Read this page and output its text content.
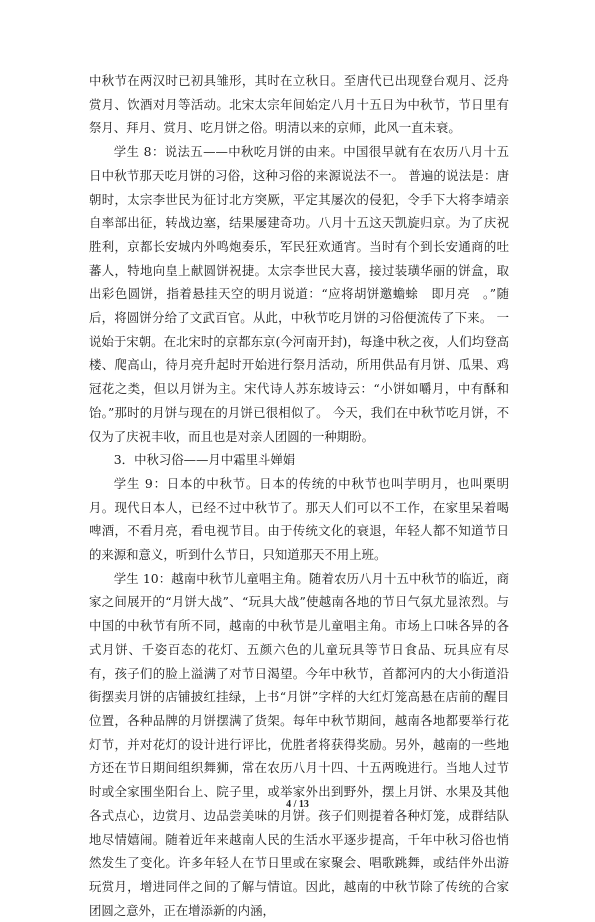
中秋节在两汉时已初具雏形，其时在立秋日。至唐代已出现登台观月、泛舟赏月、饮酒对月等活动。北宋太宗年间始定八月十五日为中秋节，节日里有祭月、拜月、赏月、吃月饼之俗。明清以来的京师，此风一直未衰。

学生 8：说法五——中秋吃月饼的由来。中国很早就有在农历八月十五日中秋节那天吃月饼的习俗，这种习俗的来源说法不一。 普遍的说法是：唐朝时，太宗李世民为征讨北方突厥，平定其屡次的侵犯，令手下大将李靖亲自率部出征，转战边塞，结果屡建奇功。八月十五这天凯旋归京。为了庆祝胜利，京都长安城内外鸣炮奏乐，军民狂欢通宵。当时有个到长安通商的吐蕃人，特地向皇上献圆饼祝捷。太宗李世民大喜，接过装璜华丽的饼盒，取出彩色圆饼，指着悬挂天空的明月说道：“应将胡饼邀蟾蜍　即月亮　。”随后，将圆饼分给了文武百官。从此，中秋节吃月饼的习俗便流传了下来。 一说始于宋朝。在北宋时的京都东京(今河南开封)，每逢中秋之夜，人们均登高楼、爬高山，待月亮升起时开始进行祭月活动，所用供品有月饼、瓜果、鸡冠花之类，但以月饼为主。宋代诗人苏东坡诗云：“小饼如嚼月，中有酥和饴。”那时的月饼与现在的月饼已很相似了。 今天，我们在中秋节吃月饼，不仅为了庆祝丰收，而且也是对亲人团圆的一种期盼。

3．中秋习俗——月中霜里斗婵娟

学生 9：日本的中秋节。日本的传统的中秋节也叫芋明月，也叫栗明月。现代日本人，已经不过中秋节了。那天人们可以不工作，在家里呆着喝啤酒，不看月亮，看电视节目。由于传统文化的衰退，年轻人都不知道节日的来源和意义，听到什么节日，只知道那天不用上班。

学生 10：越南中秋节儿童唱主角。随着农历八月十五中秋节的临近，商家之间展开的“月饼大战”、“玩具大战”使越南各地的节日气氛尤显浓烈。与中国的中秋节有所不同，越南的中秋节是儿童唱主角。市场上口味各异的各式月饼、千姿百态的花灯、五颜六色的儿童玩具等节日食品、玩具应有尽有，孩子们的脸上溢满了对节日渴望。今年中秋节，首都河内的大小街道沿街摆卖月饼的店铺披红挂绿，上书“月饼”字样的大红灯笼高悬在店前的醒目位置，各种品牌的月饼摆满了货架。每年中秋节期间，越南各地都要举行花灯节，并对花灯的设计进行评比，优胜者将获得奖励。另外，越南的一些地方还在节日期间组织舞狮，常在农历八月十四、十五两晚进行。当地人过节时或全家围坐阳台上、院子里，或举家外出到野外，摆上月饼、水果及其他各式点心，边赏月、边品尝美味的月饼。孩子们则提着各种灯笼，成群结队地尽情嬉闹。随着近年来越南人民的生活水平逐步提高，千年中秋习俗也悄然发生了变化。许多年轻人在节日里或在家聚会、唱歌跳舞，或结伴外出游玩赏月，增进同伴之间的了解与情谊。因此，越南的中秋节除了传统的合家团圆之意外，正在增添新的内涵，

4 / 13
